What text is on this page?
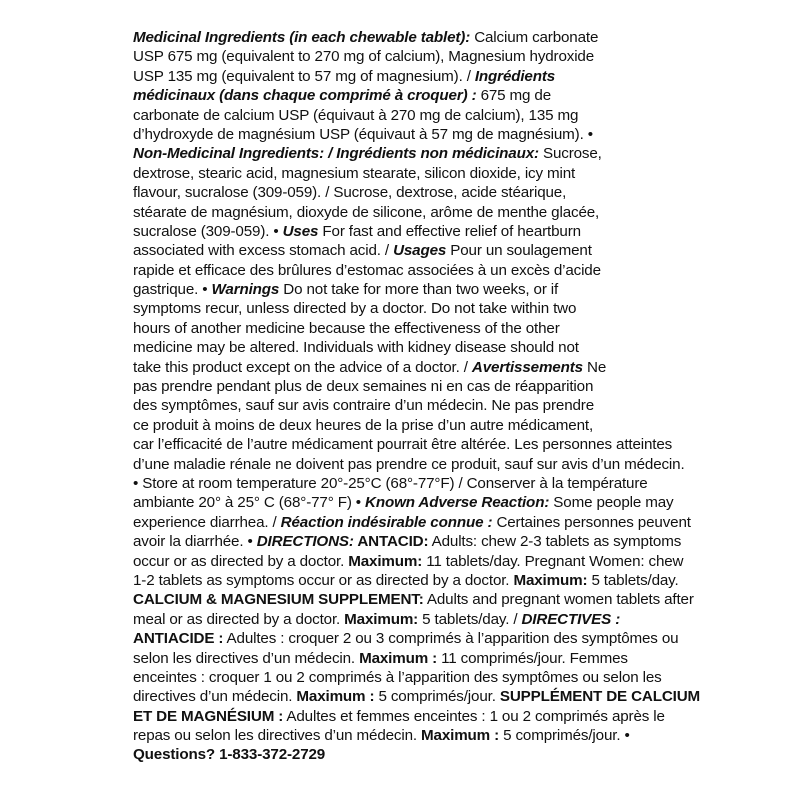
Medicinal Ingredients (in each chewable tablet): Calcium carbonate
USP 675 mg (equivalent to 270 mg of calcium), Magnesium hydroxide
USP 135 mg (equivalent to 57 mg of magnesium). / Ingrédients
médicinaux (dans chaque comprimé à croquer) : 675 mg de
carbonate de calcium USP (équivaut à 270 mg de calcium), 135 mg
d’hydroxyde de magnésium USP (équivaut à 57 mg de magnésium). •
Non-Medicinal Ingredients: / Ingrédients non médicinaux: Sucrose,
dextrose, stearic acid, magnesium stearate, silicon dioxide, icy mint
flavour, sucralose (309-059). / Sucrose, dextrose, acide stéarique,
stéarate de magnésium, dioxyde de silicone, arôme de menthe glacée,
sucralose (309-059). • Uses For fast and effective relief of heartburn
associated with excess stomach acid. / Usages Pour un soulagement
rapide et efficace des brûlures d’estomac associées à un excès d’acide
gastrique. • Warnings Do not take for more than two weeks, or if
symptoms recur, unless directed by a doctor. Do not take within two
hours of another medicine because the effectiveness of the other
medicine may be altered. Individuals with kidney disease should not
take this product except on the advice of a doctor. / Avertissements Ne
pas prendre pendant plus de deux semaines ni en cas de réapparition
des symptômes, sauf sur avis contraire d’un médecin. Ne pas prendre
ce produit à moins de deux heures de la prise d’un autre médicament,
car l’efficacité de l’autre médicament pourrait être altérée. Les personnes atteintes
d’une maladie rénale ne doivent pas prendre ce produit, sauf sur avis d’un médecin.
• Store at room temperature 20°-25°C (68°-77°F) / Conserver à la température
ambiante 20° à 25° C (68°-77° F) • Known Adverse Reaction: Some people may
experience diarrhea. / Réaction indésirable connue : Certaines personnes peuvent
avoir la diarrhée. • DIRECTIONS: ANTACID: Adults: chew 2-3 tablets as symptoms
occur or as directed by a doctor. Maximum: 11 tablets/day. Pregnant Women: chew
1-2 tablets as symptoms occur or as directed by a doctor. Maximum: 5 tablets/day.
CALCIUM & MAGNESIUM SUPPLEMENT: Adults and pregnant women tablets after
meal or as directed by a doctor. Maximum: 5 tablets/day. / DIRECTIVES :
ANTIACIDE : Adultes : croquer 2 ou 3 comprimés à l’apparition des symptômes ou
selon les directives d’un médecin. Maximum : 11 comprimés/jour. Femmes
enceintes : croquer 1 ou 2 comprimés à l’apparition des symptômes ou selon les
directives d’un médecin. Maximum : 5 comprimés/jour. SUPPLÉMENT DE CALCIUM
ET DE MAGNÉSIUM : Adultes et femmes enceintes : 1 ou 2 comprimés après le
repas ou selon les directives d’un médecin. Maximum : 5 comprimés/jour. •
Questions? 1-833-372-2729
